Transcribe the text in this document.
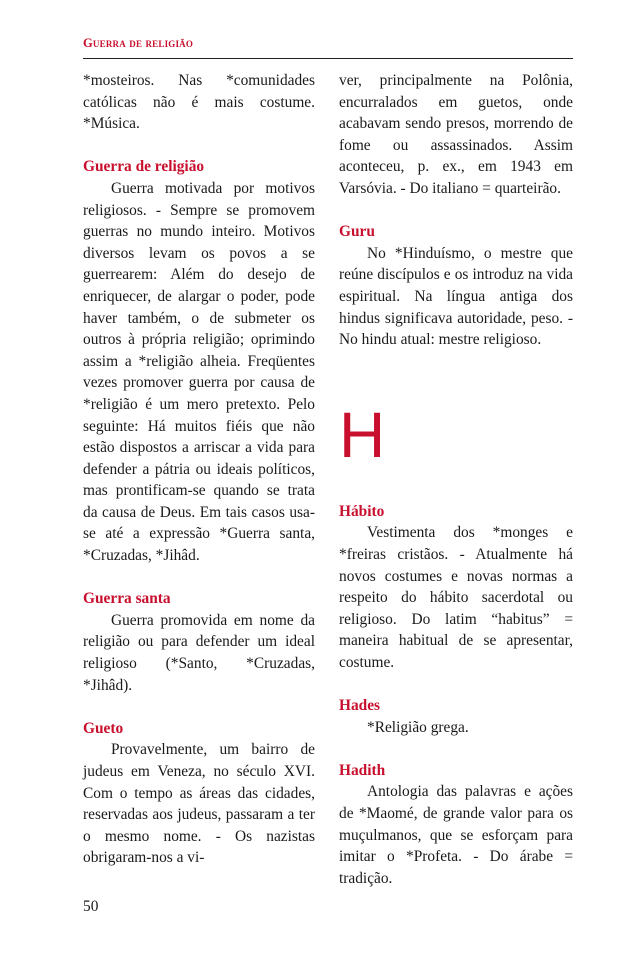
Guerra de religião

*mosteiros. Nas *comunidades católicas não é mais costume. *Música.

Guerra de religião

Guerra motivada por motivos religiosos. - Sempre se promovem guerras no mundo inteiro. Motivos diversos levam os povos a se guerrearem: Além do desejo de enriquecer, de alargar o poder, pode haver também, o de submeter os outros à própria religião; oprimindo assim a *religião alheia. Freqüentes vezes promover guerra por causa de *religião é um mero pretexto. Pelo seguinte: Há muitos fiéis que não estão dispostos a arriscar a vida para defender a pátria ou ideais políticos, mas prontificam-se quando se trata da causa de Deus. Em tais casos usa-se até a expressão *Guerra santa, *Cruzadas, *Jihâd.

Guerra santa

Guerra promovida em nome da religião ou para defender um ideal religioso (*Santo, *Cruzadas, *Jihâd).

Gueto

Provavelmente, um bairro de judeus em Veneza, no século XVI. Com o tempo as áreas das cidades, reservadas aos judeus, passaram a ter o mesmo nome. - Os nazistas obrigaram-nos a vi-

ver, principalmente na Polônia, encurralados em guetos, onde acabavam sendo presos, morrendo de fome ou assassinados. Assim aconteceu, p. ex., em 1943 em Varsóvia. - Do italiano = quarteirão.

Guru

No *Hinduísmo, o mestre que reúne discípulos e os introduz na vida espiritual. Na língua antiga dos hindus significava autoridade, peso. - No hindu atual: mestre religioso.

H

Hábito

Vestimenta dos *monges e *freiras cristãos. - Atualmente há novos costumes e novas normas a respeito do hábito sacerdotal ou religioso. Do latim “habitus” = maneira habitual de se apresentar, costume.

Hades

*Religião grega.

Hadith

Antologia das palavras e ações de *Maomé, de grande valor para os muçulmanos, que se esforçam para imitar o *Profeta. - Do árabe = tradição.

50
